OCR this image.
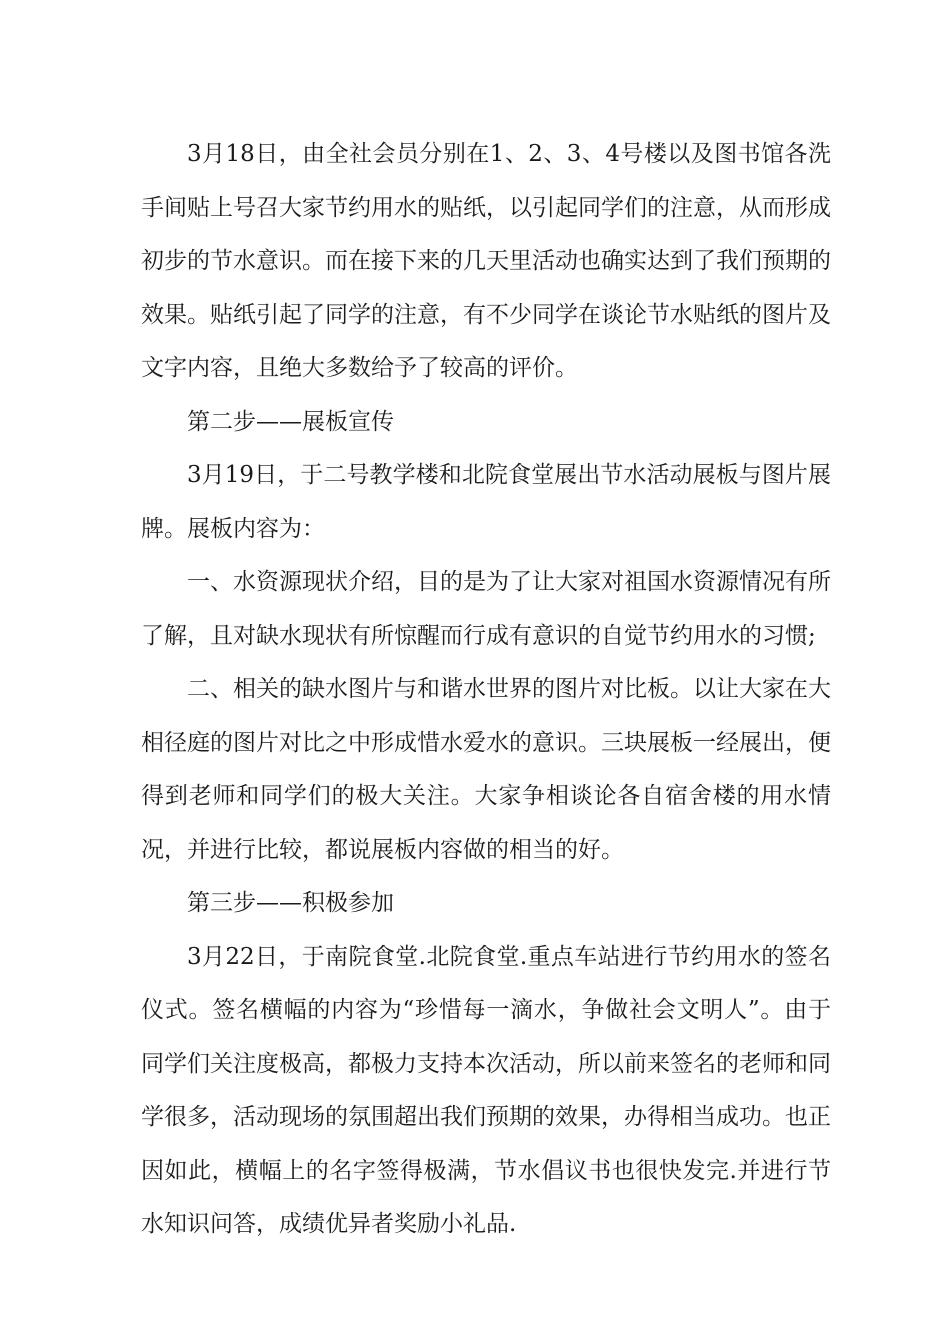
3月18日，由全社会员分别在1、2、3、4号楼以及图书馆各洗手间贴上号召大家节约用水的贴纸，以引起同学们的注意，从而形成初步的节水意识。而在接下来的几天里活动也确实达到了我们预期的效果。贴纸引起了同学的注意，有不少同学在谈论节水贴纸的图片及文字内容，且绝大多数给予了较高的评价。

第二步——展板宣传

3月19日，于二号教学楼和北院食堂展出节水活动展板与图片展牌。展板内容为：

一、水资源现状介绍，目的是为了让大家对祖国水资源情况有所了解，且对缺水现状有所惊醒而行成有意识的自觉节约用水的习惯;

二、相关的缺水图片与和谐水世界的图片对比板。以让大家在大相径庭的图片对比之中形成惜水爱水的意识。三块展板一经展出，便得到老师和同学们的极大关注。大家争相谈论各自宿舍楼的用水情况，并进行比较，都说展板内容做的相当的好。

第三步——积极参加

3月22日，于南院食堂.北院食堂.重点车站进行节约用水的签名仪式。签名横幅的内容为“珍惜每一滴水，争做社会文明人”。由于同学们关注度极高，都极力支持本次活动，所以前来签名的老师和同学很多，活动现场的氛围超出我们预期的效果，办得相当成功。也正因如此，横幅上的名字签得极满，节水倡议书也很快发完.并进行节水知识问答，成绩优异者奖励小礼品.
